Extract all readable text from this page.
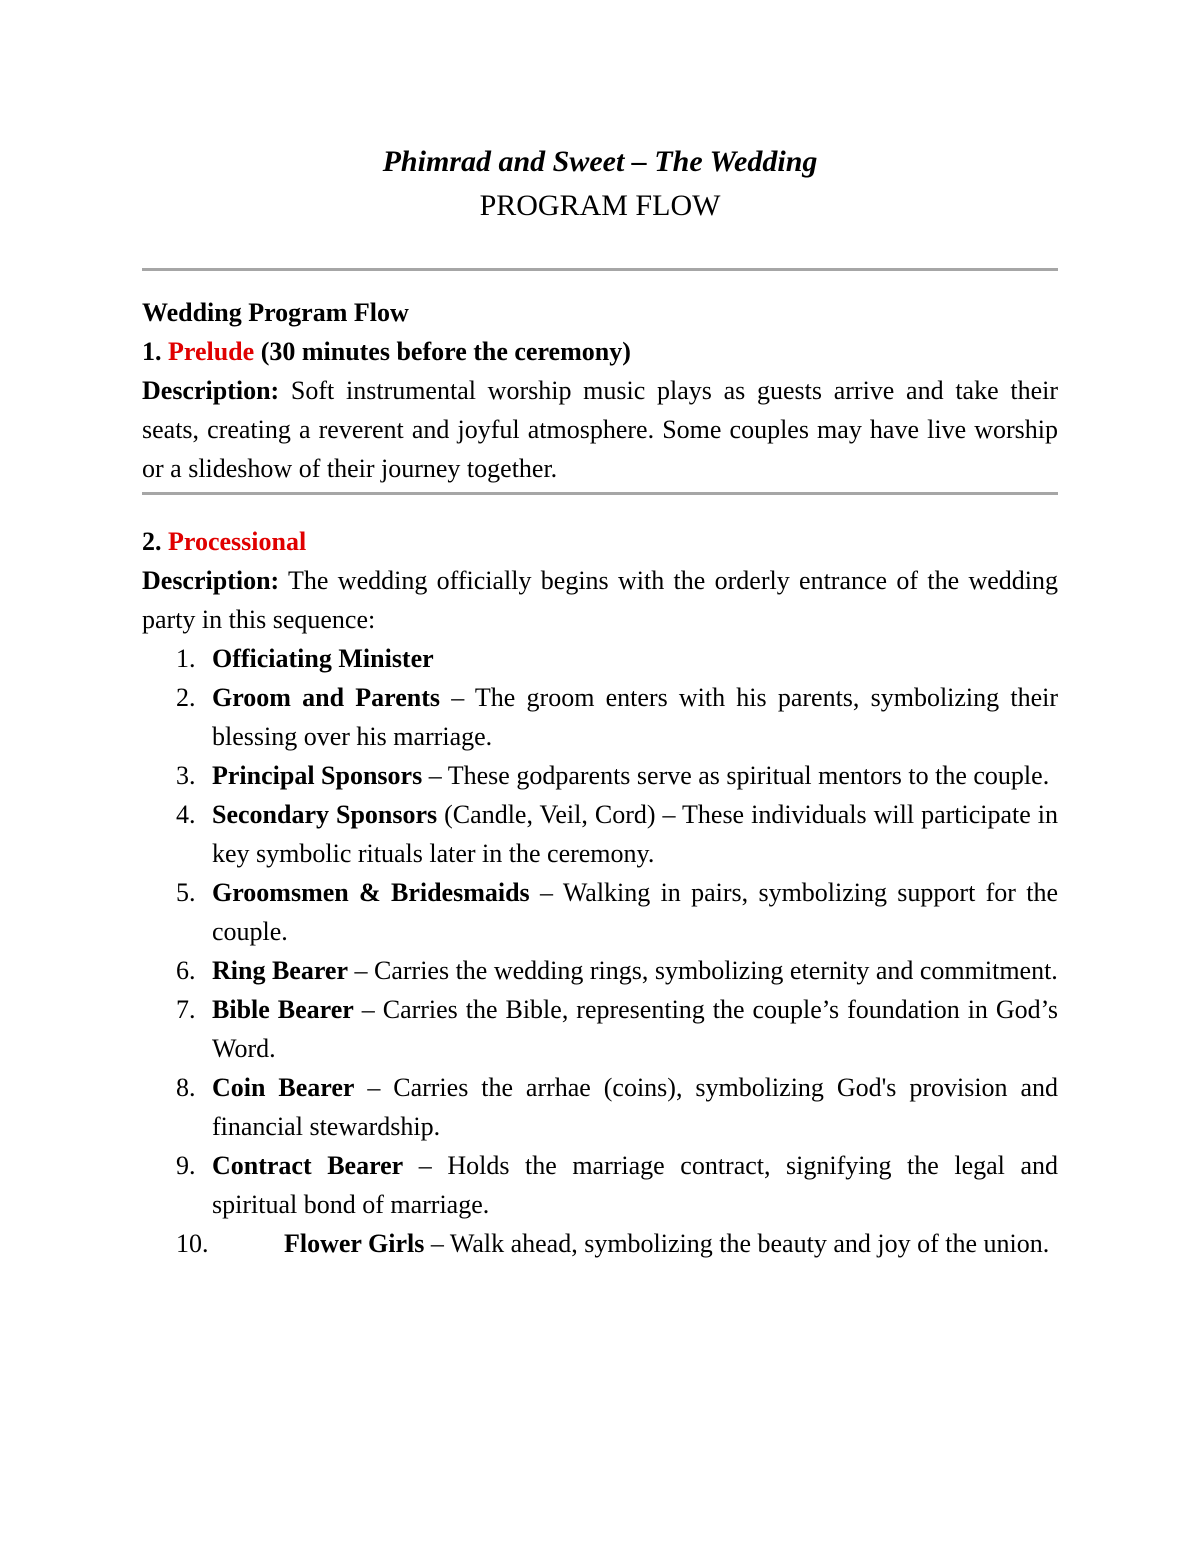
Phimrad and Sweet – The Wedding
PROGRAM FLOW
Wedding Program Flow
1. Prelude (30 minutes before the ceremony)

Description: Soft instrumental worship music plays as guests arrive and take their seats, creating a reverent and joyful atmosphere. Some couples may have live worship or a slideshow of their journey together.

2. Processional

Description: The wedding officially begins with the orderly entrance of the wedding party in this sequence:

1. Officiating Minister
2. Groom and Parents – The groom enters with his parents, symbolizing their blessing over his marriage.
3. Principal Sponsors – These godparents serve as spiritual mentors to the couple.
4. Secondary Sponsors (Candle, Veil, Cord) – These individuals will participate in key symbolic rituals later in the ceremony.
5. Groomsmen & Bridesmaids – Walking in pairs, symbolizing support for the couple.
6. Ring Bearer – Carries the wedding rings, symbolizing eternity and commitment.
7. Bible Bearer – Carries the Bible, representing the couple’s foundation in God’s Word.
8. Coin Bearer – Carries the arrhae (coins), symbolizing God's provision and financial stewardship.
9. Contract Bearer – Holds the marriage contract, signifying the legal and spiritual bond of marriage.
10.	Flower Girls – Walk ahead, symbolizing the beauty and joy of the union.
